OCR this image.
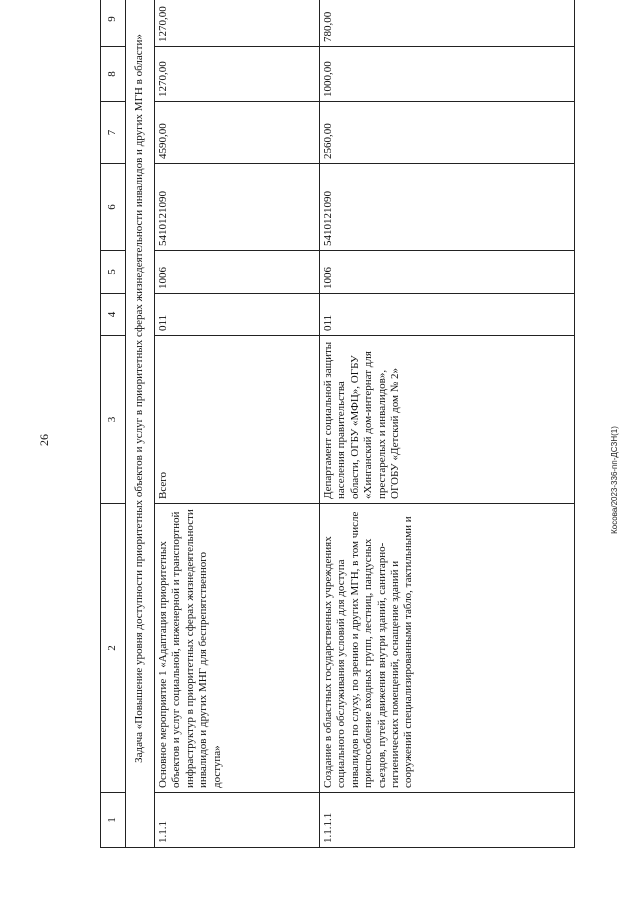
26	Косова/2023-336-пп-ДСЗН(1)
1	2	3	4	5	6	7	8	9	
Задача «Повышение уровня доступности приоритетных объектов и услуг в приоритетных сферах жизнедеятельности инвалидов и других МГН в области»									
1.1.1	Основное мероприятие 1 «Адаптация приоритетных объектов и услуг социальной, инженерной и транспортной инфраструктур в приоритетных сферах жизнедеятельности инвалидов и других МНГ для беспрепятственного доступа»	Всего	011	1006	5410121090	4590,00	1270,00	1270,00	
1.1.1.1	Создание в областных государственных учреждениях социального обслуживания условий для доступа инвалидов по слуху, по зрению и других МГН, в том числе приспособление входных групп, лестниц, пандусных съездов, путей движения внутри зданий, санитарно-гигиенических помещений, оснащение зданий и сооружений специализированными табло, тактильными и	Департамент социальной защиты населения правительства области, ОГБУ «МФЦ», ОГБУ «Хинганский дом-интернат для престарелых и инвалидов», ОГОБУ «Детский дом № 2»	011	1006	5410121090	2560,00	1000,00	780,00	
